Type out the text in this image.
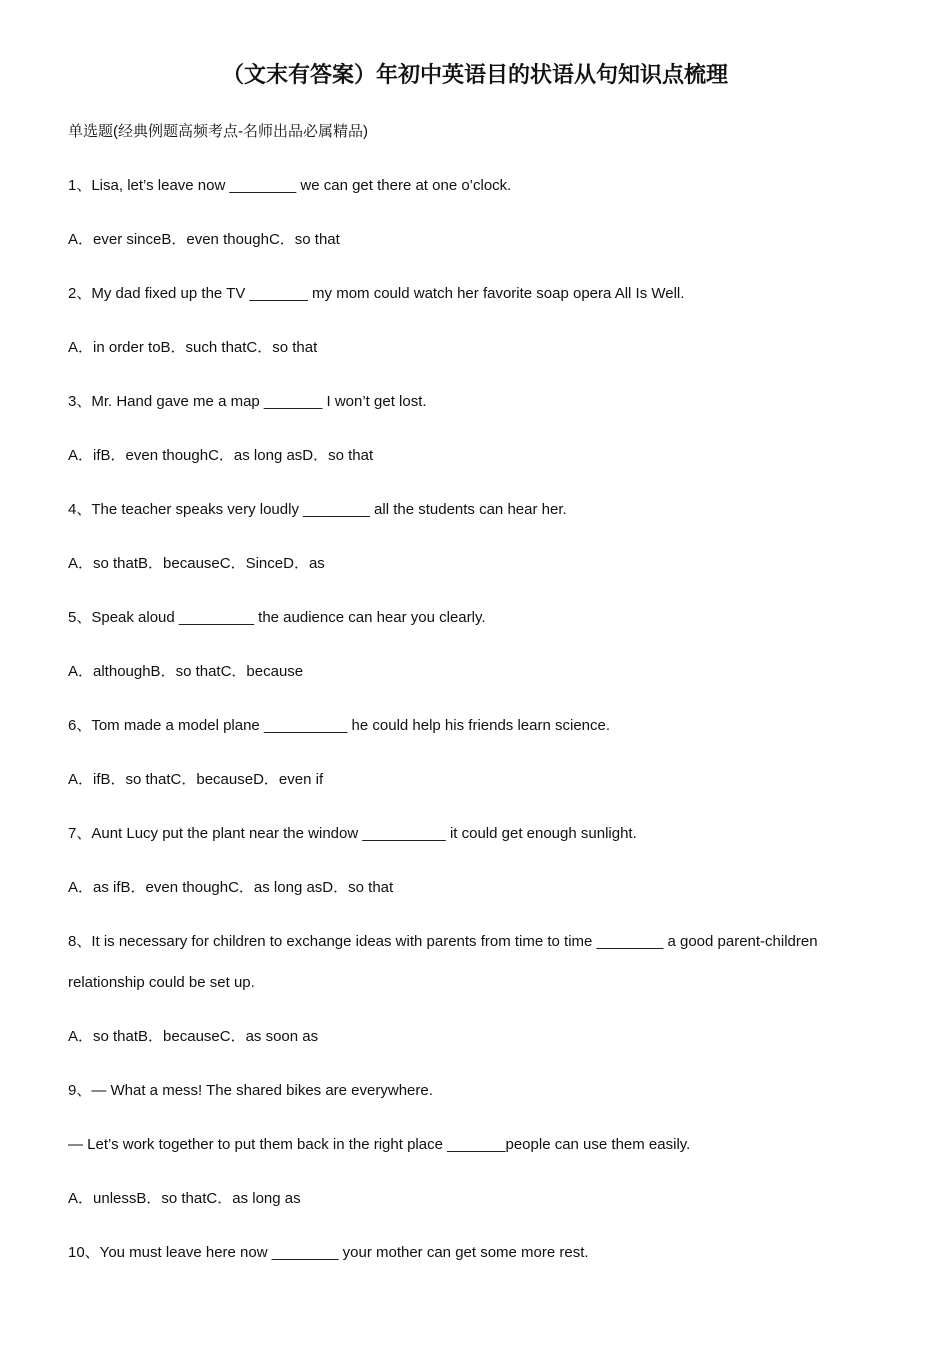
（文末有答案）年初中英语目的状语从句知识点梳理
单选题(经典例题高频考点-名师出品必属精品)
1、Lisa, let’s leave now ________ we can get there at one o’clock.
A．ever sinceB．even thoughC．so that
2、My dad fixed up the TV _______ my mom could watch her favorite soap opera All Is Well.
A．in order toB．such thatC．so that
3、Mr. Hand gave me a map _______ I won’t get lost.
A．ifB．even thoughC．as long asD．so that
4、The teacher speaks very loudly ________ all the students can hear her.
A．so thatB．becauseC．SinceD．as
5、Speak aloud _________ the audience can hear you clearly.
A．althoughB．so thatC．because
6、Tom made a model plane __________ he could help his friends learn science.
A．ifB．so thatC．becauseD．even if
7、Aunt Lucy put the plant near the window __________ it could get enough sunlight.
A．as ifB．even thoughC．as long asD．so that
8、It is necessary for children to exchange ideas with parents from time to time ________ a good parent-children
relationship could be set up.
A．so thatB．becauseC．as soon as
9、— What a mess! The shared bikes are everywhere.
— Let’s work together to put them back in the right place _______people can use them easily.
A．unlessB．so thatC．as long as
10、You must leave here now ________ your mother can get some more rest.
